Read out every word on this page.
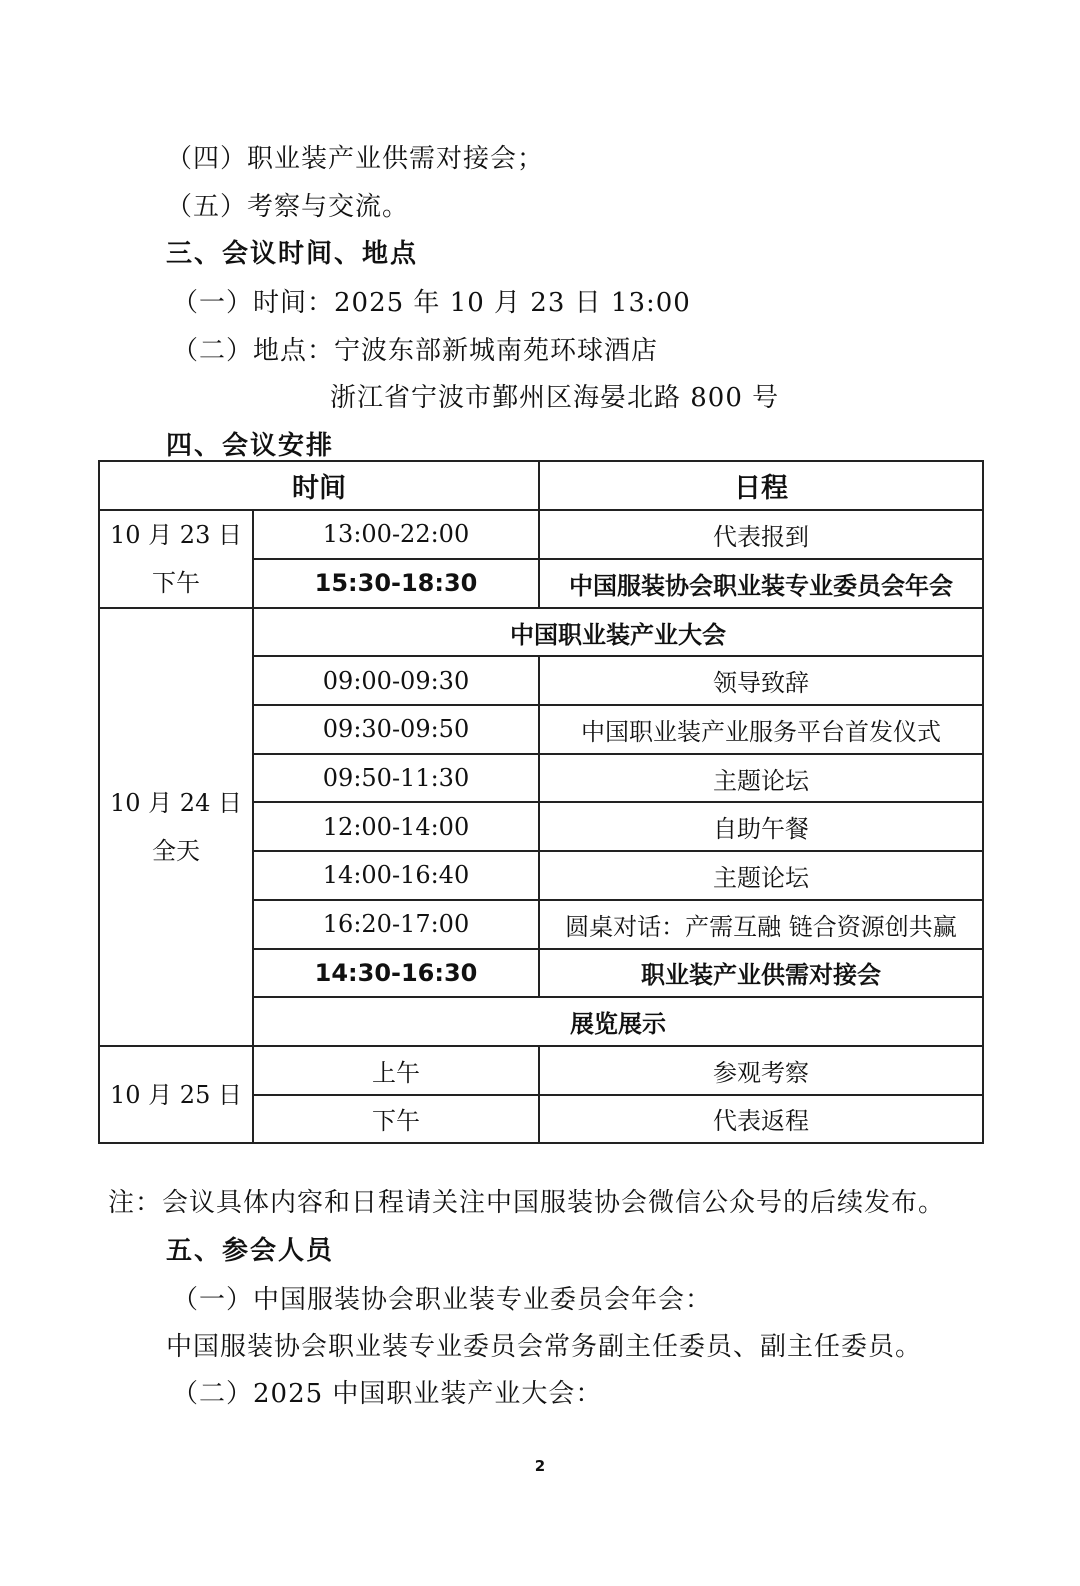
（四）职业装产业供需对接会；
（五）考察与交流。
三、会议时间、地点
（一）时间：2025 年 10 月 23 日 13:00
（二）地点：宁波东部新城南苑环球酒店
浙江省宁波市鄞州区海晏北路 800 号
四、会议安排
时间		日程

10 月 23 日
下午	13:00-22:00	代表报到
	15:30-18:30	中国服装协会职业装专业委员会年会

10 月 24 日
全天	中国职业装产业大会	
	09:00-09:30	领导致辞
	09:30-09:50	中国职业装产业服务平台首发仪式
	09:50-11:30	主题论坛
	12:00-14:00	自助午餐
	14:00-16:40	主题论坛
	16:20-17:00	圆桌对话：产需互融 链合资源创共赢
	14:30-16:30	职业装产业供需对接会
	展览展示	

10 月 25 日	上午	参观考察
	下午	代表返程
注：会议具体内容和日程请关注中国服装协会微信公众号的后续发布。
五、参会人员
（一）中国服装协会职业装专业委员会年会：
中国服装协会职业装专业委员会常务副主任委员、副主任委员。
（二）2025 中国职业装产业大会：
2
